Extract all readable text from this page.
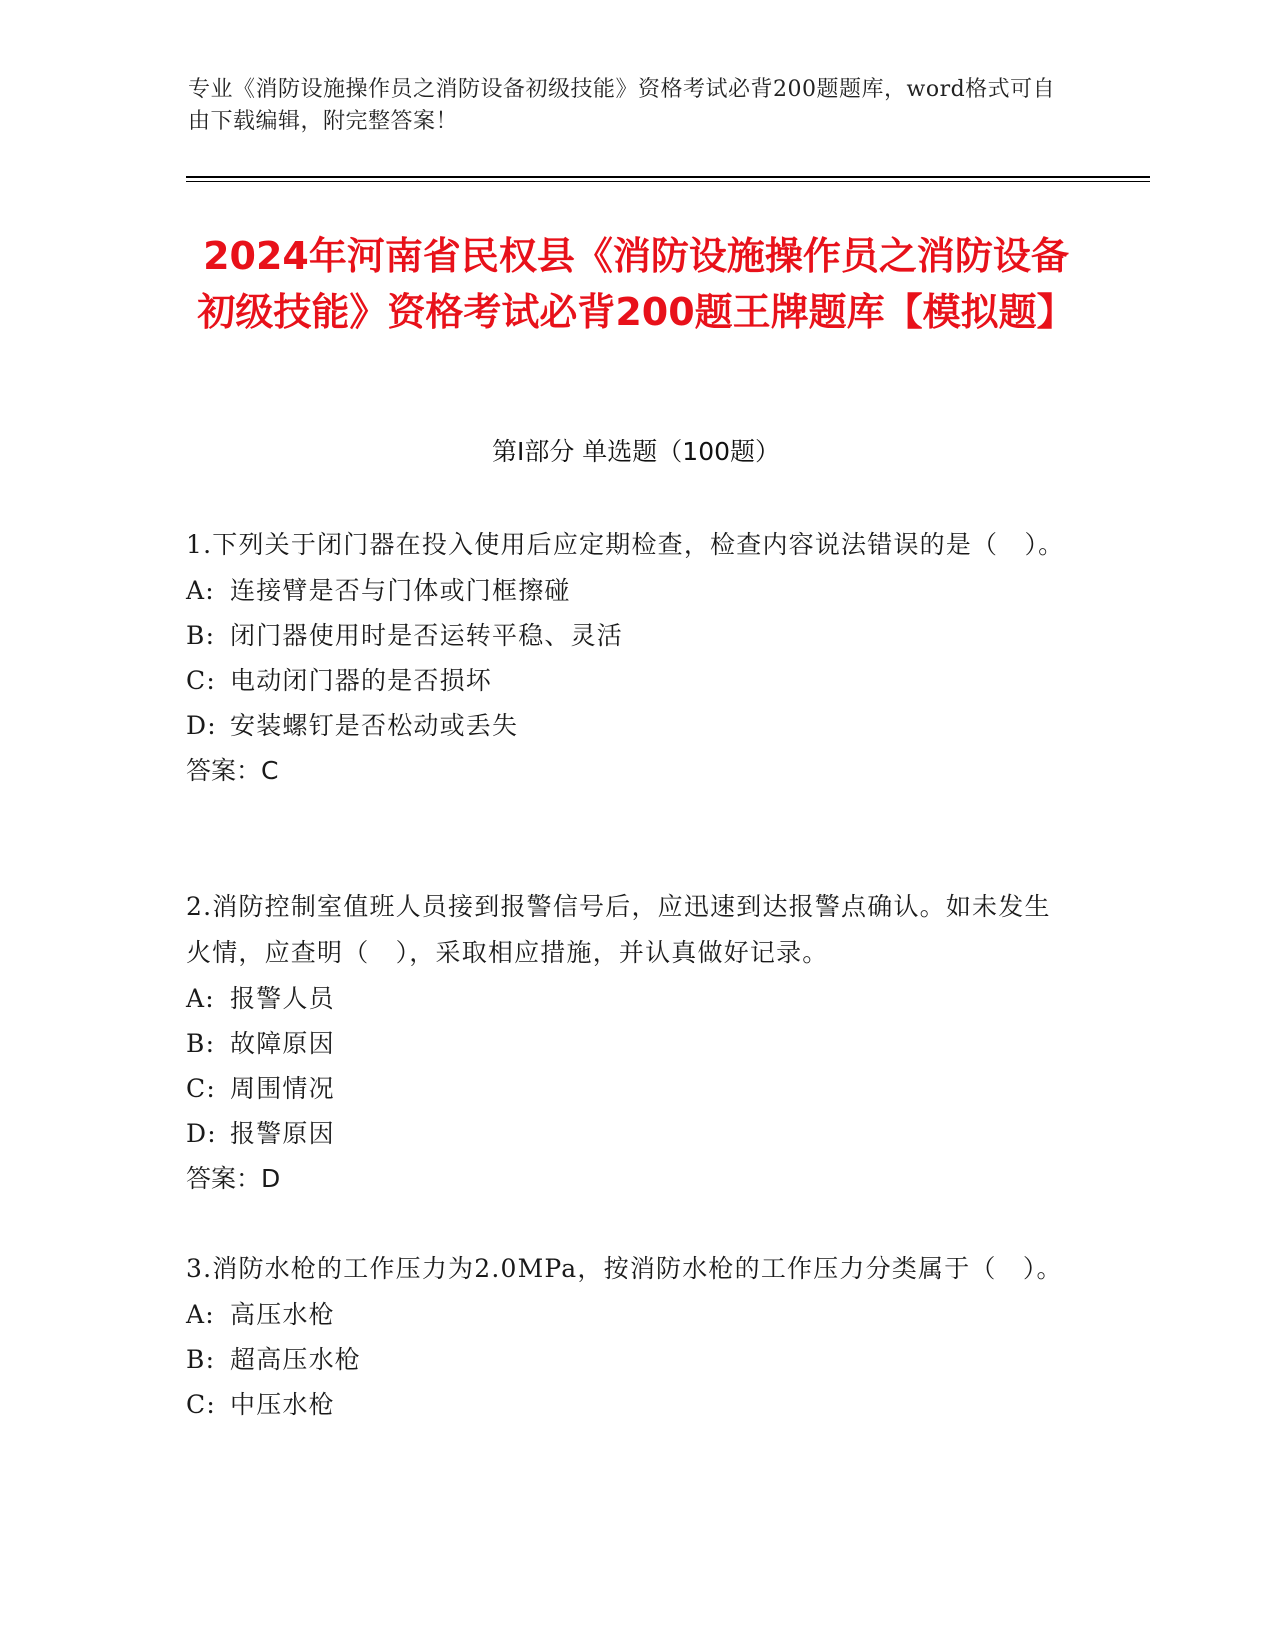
专业《消防设施操作员之消防设备初级技能》资格考试必背200题题库，word格式可自由下载编辑，附完整答案！
2024年河南省民权县《消防设施操作员之消防设备初级技能》资格考试必背200题王牌题库【模拟题】
第I部分 单选题（100题）

1.下列关于闭门器在投入使用后应定期检查，检查内容说法错误的是（　）。

A: 连接臂是否与门体或门框擦碰

B: 闭门器使用时是否运转平稳、灵活

C: 电动闭门器的是否损坏

D: 安装螺钉是否松动或丢失

答案：C

2.消防控制室值班人员接到报警信号后，应迅速到达报警点确认。如未发生火情，应查明（　），采取相应措施，并认真做好记录。

A: 报警人员

B: 故障原因

C: 周围情况

D: 报警原因

答案：D

3.消防水枪的工作压力为2.0MPa，按消防水枪的工作压力分类属于（　）。

A: 高压水枪

B: 超高压水枪

C: 中压水枪
